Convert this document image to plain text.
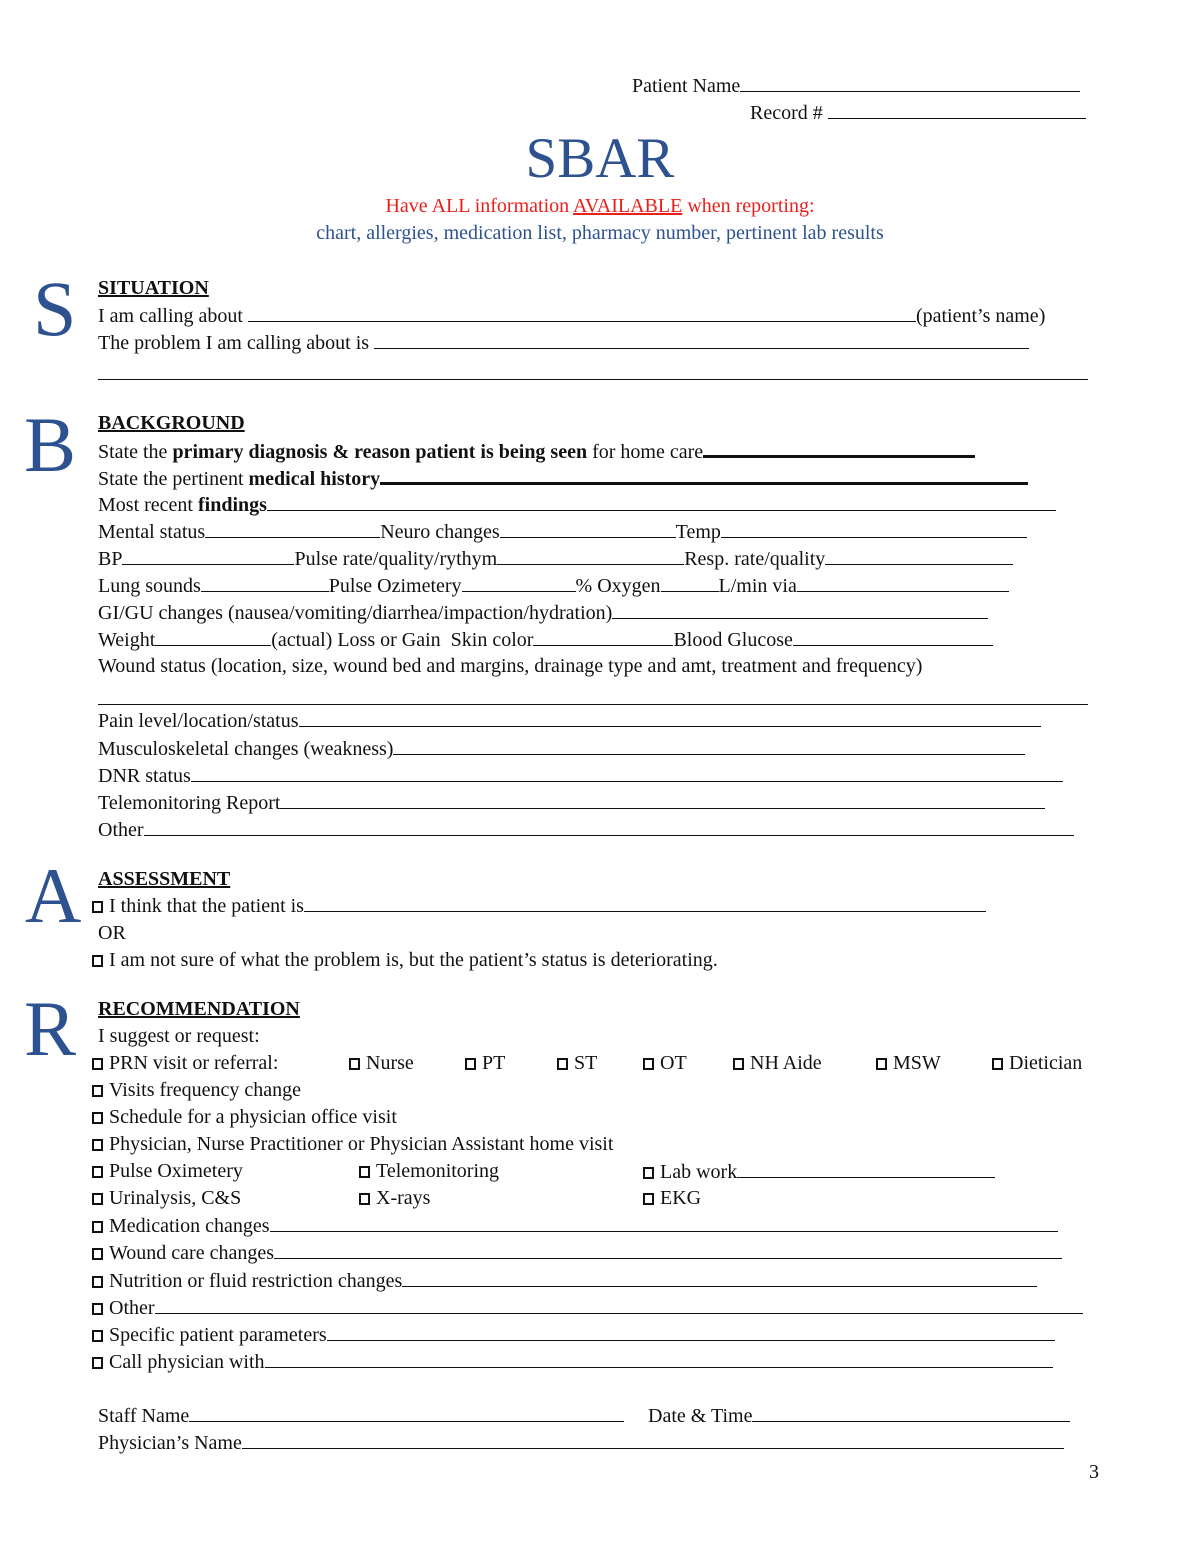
Patient Name
Record #
SBAR
Have ALL information AVAILABLE when reporting:
chart, allergies, medication list, pharmacy number, pertinent lab results
S SITUATION
I am calling about	(patient’s name)
The problem I am calling about is
B BACKGROUND
State the primary diagnosis & reason patient is being seen for home care
State the pertinent medical history
Most recent findings
Mental status	Neuro changes	Temp
BP	Pulse rate/quality/rythym	Resp. rate/quality
Lung sounds	Pulse Ozimetery	% Oxygen	L/min via
GI/GU changes (nausea/vomiting/diarrhea/impaction/hydration)
Weight	(actual) Loss or Gain Skin color	Blood Glucose
Wound status (location, size, wound bed and margins, drainage type and amt, treatment and frequency)
Pain level/location/status
Musculoskeletal changes (weakness)
DNR status
Telemonitoring Report
Other
A ASSESSMENT
I think that the patient is
OR
I am not sure of what the problem is, but the patient’s status is deteriorating.
R RECOMMENDATION
I suggest or request:
PRN visit or referral:	Nurse	PT	ST	OT	NH Aide	MSW	Dietician
Visits frequency change
Schedule for a physician office visit
Physician, Nurse Practitioner or Physician Assistant home visit
Pulse Oximetery	Telemonitoring	Lab work
Urinalysis, C&S	X-rays	EKG
Medication changes
Wound care changes
Nutrition or fluid restriction changes
Other
Specific patient parameters
Call physician with
Staff Name	Date & Time
Physician’s Name
3
